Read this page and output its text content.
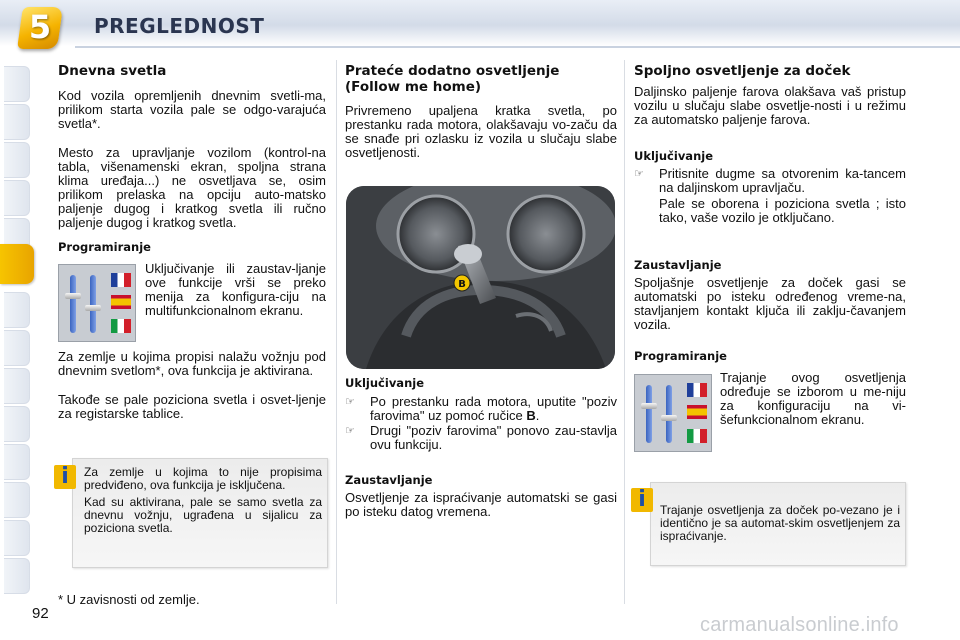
5	PREGLEDNOST
Dnevna svetla

Kod vozila opremljenih dnevnim svetli-ma, prilikom starta vozila pale se odgo-varajuća svetla*.

Mesto za upravljanje vozilom (kontrol-na tabla, višenamenski ekran, spoljna strana klima uređaja...) ne osvetljava se, osim prilikom prelaska na opciju auto-matsko paljenje dugog i kratkog svetla ili ručno paljenje dugog i kratkog svetla.

Programiranje

Uključivanje ili zaustav-ljanje ove funkcije vrši se preko menija za konfigura-ciju na multifunkcionalnom ekranu.

Za zemlje u kojima propisi nalažu vožnju pod dnevnim svetlom*, ova funkcija je aktivirana.

Takođe se pale poziciona svetla i osvet-ljenje za registarske tablice.

i	Za zemlje u kojima to nije propisima predviđeno, ova funkcija je isključena.

Kad su aktivirana, pale se samo svetla za dnevnu vožnju, ugrađena u sijalicu za poziciona svetla.

* U zavisnosti od zemlje.
92
Prateće dodatno osvetljenje
(Follow me home)

Privremeno upaljena kratka svetla, po prestanku rada motora, olakšavaju vo-začu da se snađe pri ozlasku iz vozila u slučaju slabe osvetljenosti.

B
Uključivanje
☞ Po prestanku rada motora, uputite "poziv farovima" uz pomoć ručice B.
☞ Drugi "poziv farovima" ponovo zau-stavlja ovu funkciju.
Zaustavljanje

Osvetljenje za ispraćivanje automatski se gasi po isteku datog vremena.

Spoljno osvetljenje za doček

Daljinsko paljenje farova olakšava vaš pristup vozilu u slučaju slabe osvetlje-nosti i u režimu za automatsko paljenje farova.

Uključivanje
☞ Pritisnite dugme sa otvorenim ka-tancem na daljinskom upravljaču.

Pale se oborena i poziciona svetla ; isto tako, vaše vozilo je otključano.

Zaustavljanje

Spoljašnje osvetljenje za doček gasi se automatski po isteku određenog vreme-na, stavljanjem kontakt ključa ili zaklju-čavanjem vozila.

Programiranje

Trajanje ovog osvetljenja određuje se izborom u me-niju za konfiguraciju na vi-šefunkcionalnom ekranu.

i	Trajanje osvetljenja za doček po-vezano je i identično je sa automat-skim osvetljenjem za ispraćivanje.

carmanualsonline.info
